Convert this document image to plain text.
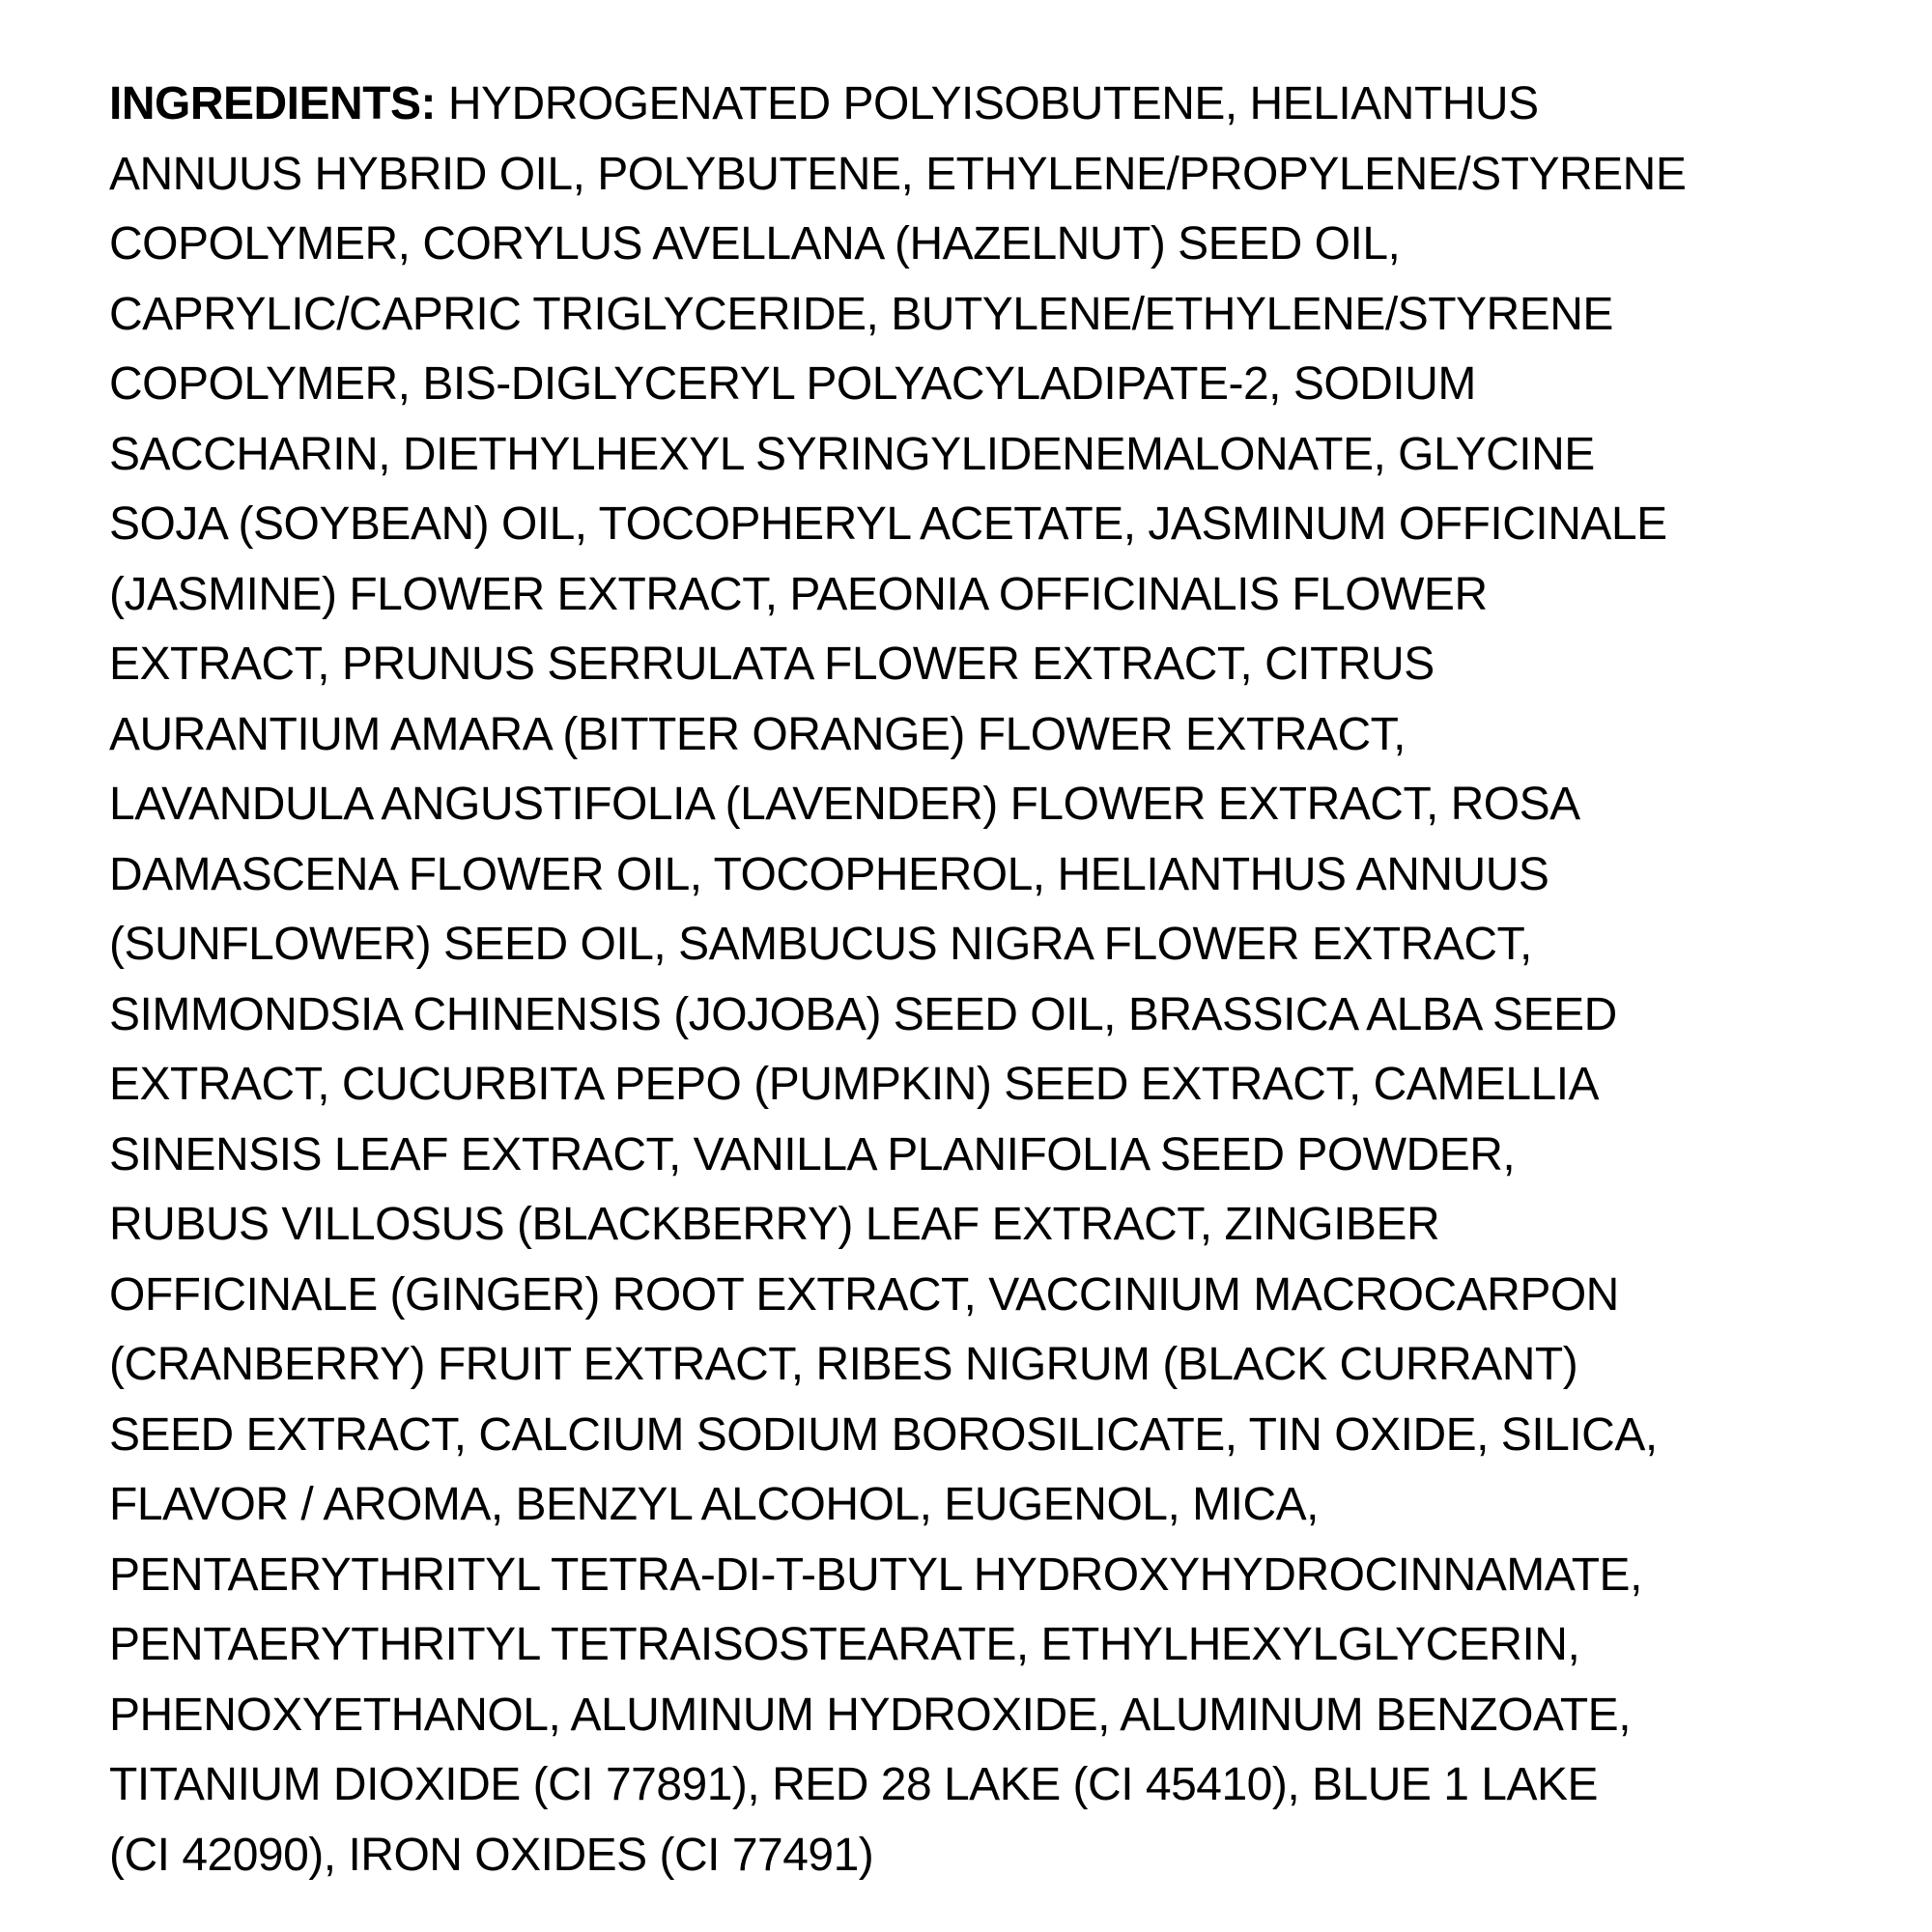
INGREDIENTS: HYDROGENATED POLYISOBUTENE, HELIANTHUS
ANNUUS HYBRID OIL, POLYBUTENE, ETHYLENE/PROPYLENE/STYRENE
COPOLYMER, CORYLUS AVELLANA (HAZELNUT) SEED OIL,
CAPRYLIC/CAPRIC TRIGLYCERIDE, BUTYLENE/ETHYLENE/STYRENE
COPOLYMER, BIS-DIGLYCERYL POLYACYLADIPATE-2, SODIUM
SACCHARIN, DIETHYLHEXYL SYRINGYLIDENEMALONATE, GLYCINE
SOJA (SOYBEAN) OIL, TOCOPHERYL ACETATE, JASMINUM OFFICINALE
(JASMINE) FLOWER EXTRACT, PAEONIA OFFICINALIS FLOWER
EXTRACT, PRUNUS SERRULATA FLOWER EXTRACT, CITRUS
AURANTIUM AMARA (BITTER ORANGE) FLOWER EXTRACT,
LAVANDULA ANGUSTIFOLIA (LAVENDER) FLOWER EXTRACT, ROSA
DAMASCENA FLOWER OIL, TOCOPHEROL, HELIANTHUS ANNUUS
(SUNFLOWER) SEED OIL, SAMBUCUS NIGRA FLOWER EXTRACT,
SIMMONDSIA CHINENSIS (JOJOBA) SEED OIL, BRASSICA ALBA SEED
EXTRACT, CUCURBITA PEPO (PUMPKIN) SEED EXTRACT, CAMELLIA
SINENSIS LEAF EXTRACT, VANILLA PLANIFOLIA SEED POWDER,
RUBUS VILLOSUS (BLACKBERRY) LEAF EXTRACT, ZINGIBER
OFFICINALE (GINGER) ROOT EXTRACT, VACCINIUM MACROCARPON
(CRANBERRY) FRUIT EXTRACT, RIBES NIGRUM (BLACK CURRANT)
SEED EXTRACT, CALCIUM SODIUM BOROSILICATE, TIN OXIDE, SILICA,
FLAVOR / AROMA, BENZYL ALCOHOL, EUGENOL, MICA,
PENTAERYTHRITYL TETRA-DI-T-BUTYL HYDROXYHYDROCINNAMATE,
PENTAERYTHRITYL TETRAISOSTEARATE, ETHYLHEXYLGLYCERIN,
PHENOXYETHANOL, ALUMINUM HYDROXIDE, ALUMINUM BENZOATE,
TITANIUM DIOXIDE (CI 77891), RED 28 LAKE (CI 45410), BLUE 1 LAKE
(CI 42090), IRON OXIDES (CI 77491)
